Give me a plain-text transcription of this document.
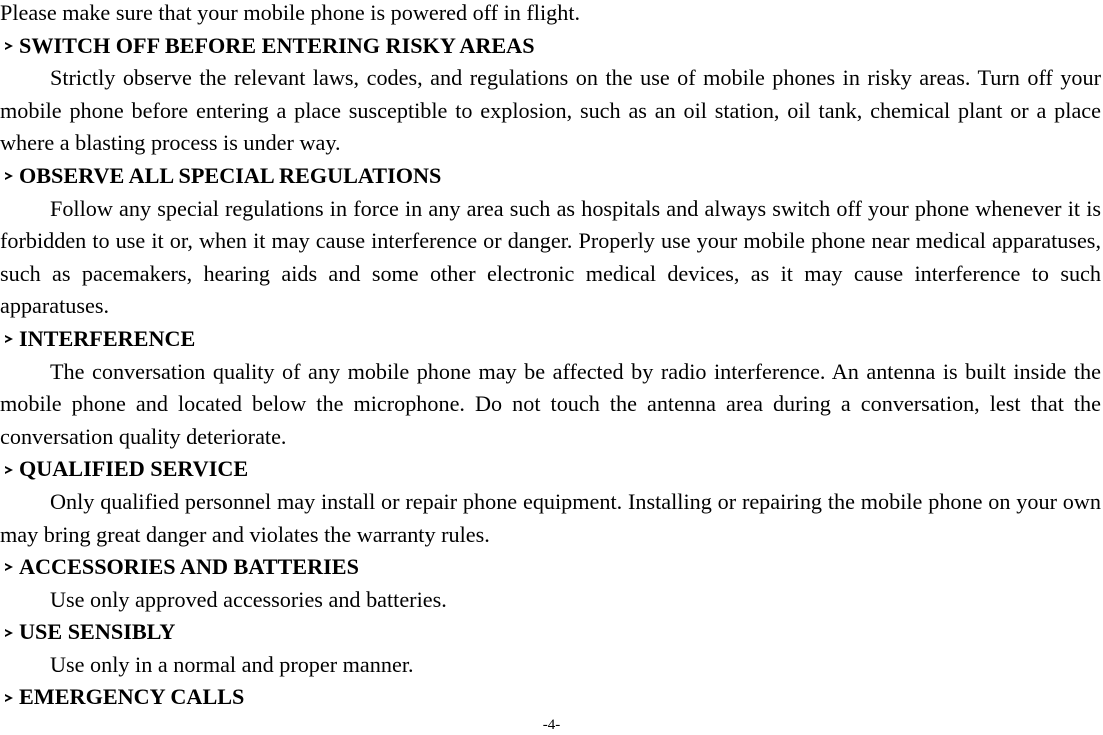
Please make sure that your mobile phone is powered off in flight.

SWITCH OFF BEFORE ENTERING RISKY AREAS

Strictly observe the relevant laws, codes, and regulations on the use of mobile phones in risky areas. Turn off your mobile phone before entering a place susceptible to explosion, such as an oil station, oil tank, chemical plant or a place where a blasting process is under way.

OBSERVE ALL SPECIAL REGULATIONS

Follow any special regulations in force in any area such as hospitals and always switch off your phone whenever it is forbidden to use it or, when it may cause interference or danger. Properly use your mobile phone near medical apparatuses, such as pacemakers, hearing aids and some other electronic medical devices, as it may cause interference to such apparatuses.

INTERFERENCE

The conversation quality of any mobile phone may be affected by radio interference. An antenna is built inside the mobile phone and located below the microphone. Do not touch the antenna area during a conversation, lest that the conversation quality deteriorate.

QUALIFIED SERVICE

Only qualified personnel may install or repair phone equipment. Installing or repairing the mobile phone on your own may bring great danger and violates the warranty rules.

ACCESSORIES AND BATTERIES

Use only approved accessories and batteries.

USE SENSIBLY

Use only in a normal and proper manner.

EMERGENCY CALLS

-4-
